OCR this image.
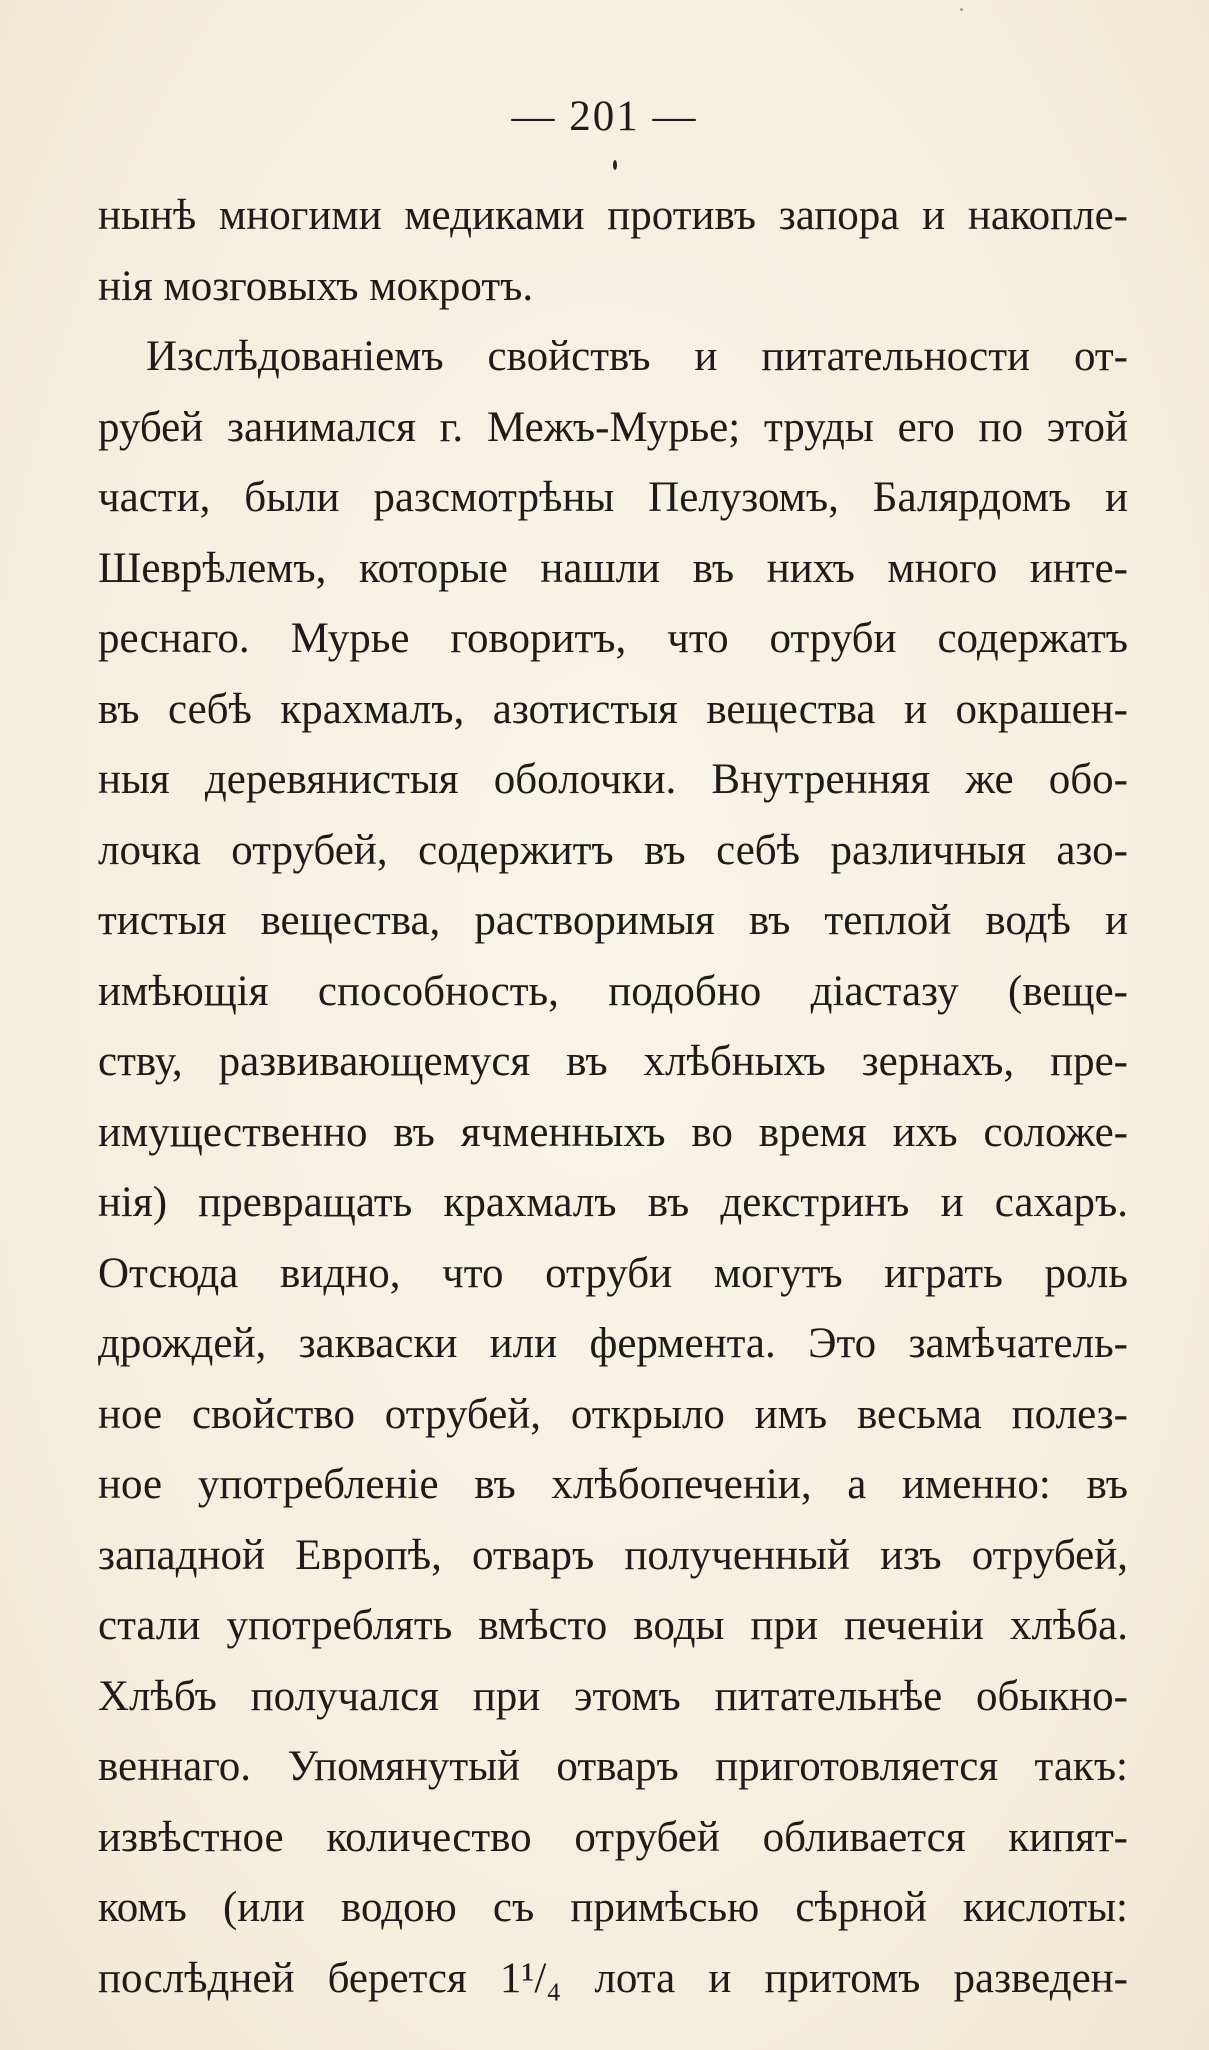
— 201 —
нынѣ многими медиками противъ запора и накопле-
нія мозговыхъ мокротъ.
Изслѣдованіемъ свойствъ и питательности от-
рубей занимался г. Межъ-Мурье; труды его по этой
части, были разсмотрѣны Пелузомъ, Балярдомъ и
Шеврѣлемъ, которые нашли въ нихъ много инте-
реснаго. Мурье говоритъ, что отруби содержатъ
въ себѣ крахмалъ, азотистыя вещества и окрашен-
ныя деревянистыя оболочки. Внутренняя же обо-
лочка отрубей, содержитъ въ себѣ различныя азо-
тистыя вещества, растворимыя въ теплой водѣ и
имѣющія способность, подобно діастазу (веще-
ству, развивающемуся въ хлѣбныхъ зернахъ, пре-
имущественно въ ячменныхъ во время ихъ соложе-
нія) превращать крахмалъ въ декстринъ и сахаръ.
Отсюда видно, что отруби могутъ играть роль
дрождей, закваски или фермента. Это замѣчатель-
ное свойство отрубей, открыло имъ весьма полез-
ное употребленіе въ хлѣбопеченіи, а именно: въ
западной Европѣ, отваръ полученный изъ отрубей,
стали употреблять вмѣсто воды при печеніи хлѣба.
Хлѣбъ получался при этомъ питательнѣе обыкно-
веннаго. Упомянутый отваръ приготовляется такъ:
извѣстное количество отрубей обливается кипят-
комъ (или водою съ примѣсью сѣрной кислоты:
послѣдней берется 1¹/₄ лота и притомъ разведен-
